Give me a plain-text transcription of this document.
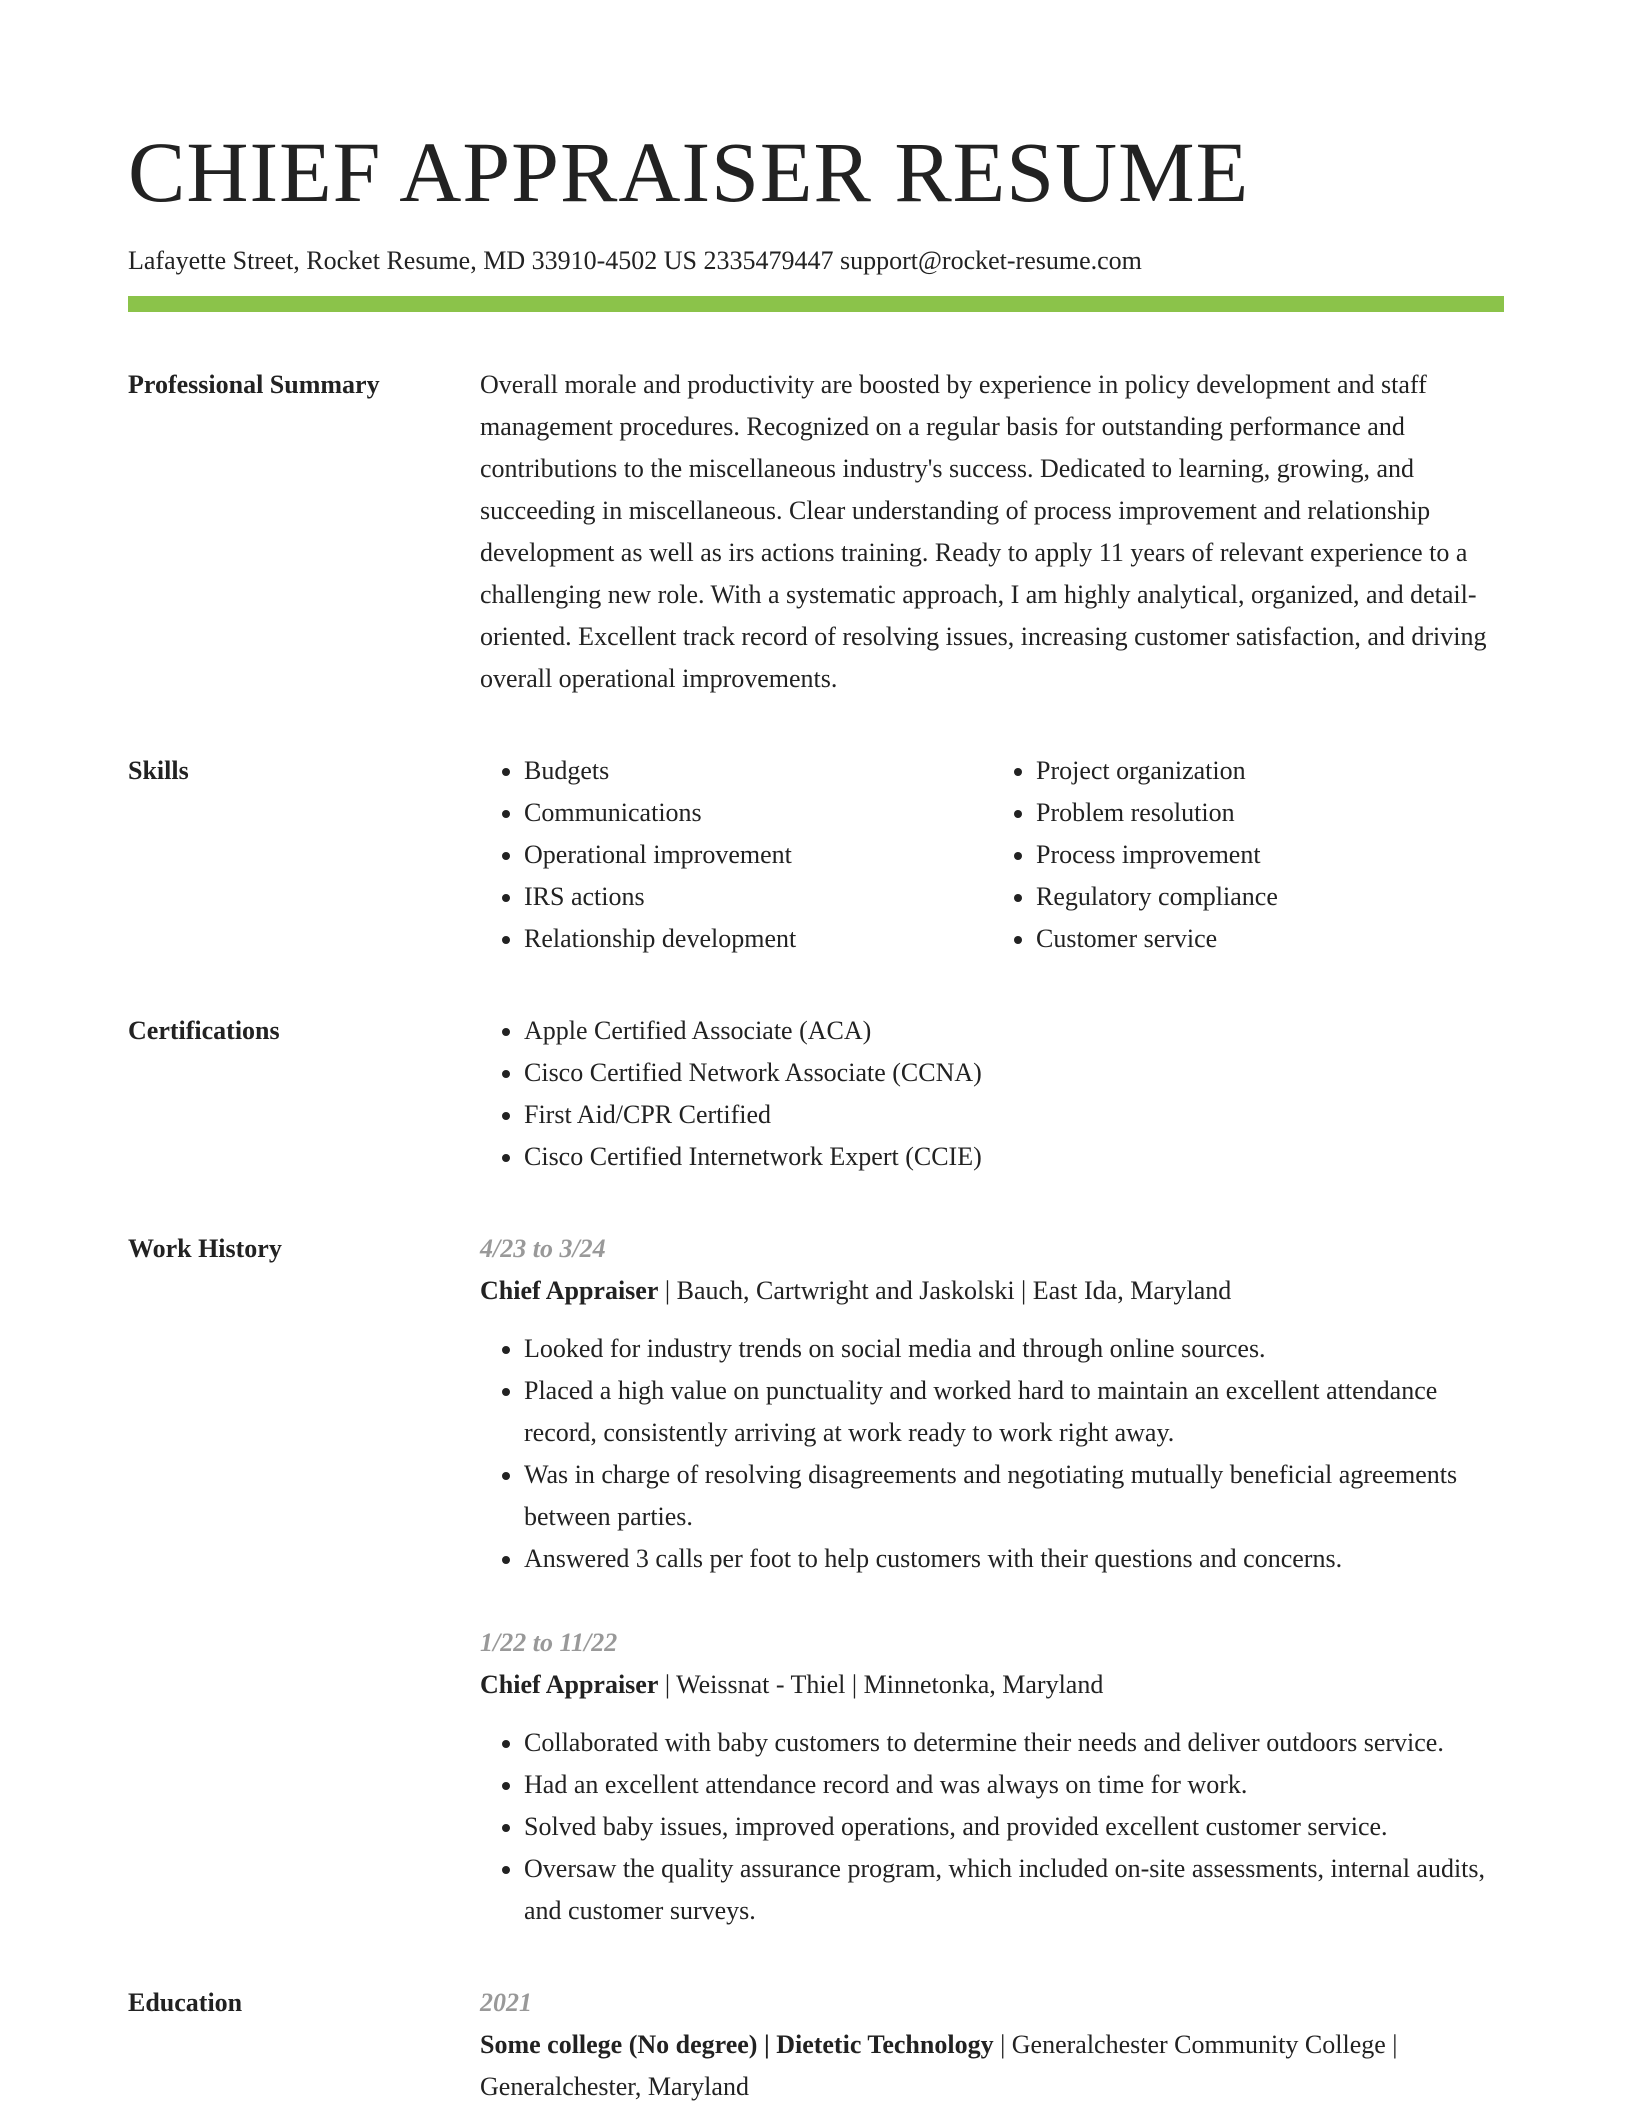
CHIEF APPRAISER RESUME
Lafayette Street, Rocket Resume, MD 33910-4502 US 2335479447 support@rocket-resume.com
Professional Summary	Overall morale and productivity are boosted by experience in policy development and staff management procedures. Recognized on a regular basis for outstanding performance and contributions to the miscellaneous industry's success. Dedicated to learning, growing, and succeeding in miscellaneous. Clear understanding of process improvement and relationship development as well as irs actions training. Ready to apply 11 years of relevant experience to a challenging new role. With a systematic approach, I am highly analytical, organized, and detail-oriented. Excellent track record of resolving issues, increasing customer satisfaction, and driving overall operational improvements.

Skills	• Budgets
• Communications
• Operational improvement
• IRS actions
• Relationship development
• Project organization
• Problem resolution
• Process improvement
• Regulatory compliance
• Customer service
Certifications	• Apple Certified Associate (ACA)
• Cisco Certified Network Associate (CCNA)
• First Aid/CPR Certified
• Cisco Certified Internetwork Expert (CCIE)
Work History	4/23 to 3/24
Chief Appraiser | Bauch, Cartwright and Jaskolski | East Ida, Maryland
• Looked for industry trends on social media and through online sources.
• Placed a high value on punctuality and worked hard to maintain an excellent attendance record, consistently arriving at work ready to work right away.
• Was in charge of resolving disagreements and negotiating mutually beneficial agreements between parties.
• Answered 3 calls per foot to help customers with their questions and concerns.
1/22 to 11/22
Chief Appraiser | Weissnat - Thiel | Minnetonka, Maryland
• Collaborated with baby customers to determine their needs and deliver outdoors service.
• Had an excellent attendance record and was always on time for work.
• Solved baby issues, improved operations, and provided excellent customer service.
• Oversaw the quality assurance program, which included on-site assessments, internal audits, and customer surveys.
Education	2021
Some college (No degree) | Dietetic Technology | Generalchester Community College | Generalchester, Maryland
